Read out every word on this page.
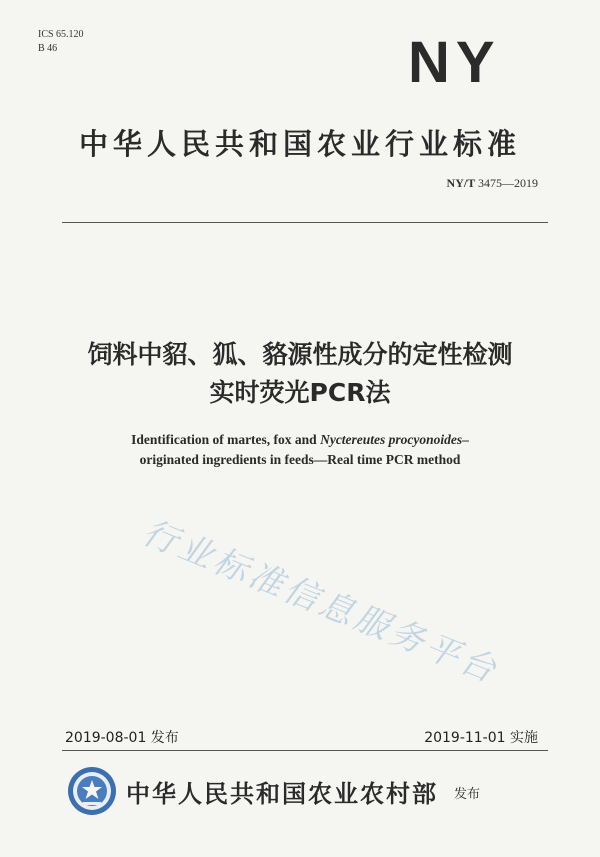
ICS 65.120
B 46	NY
中华人民共和国农业行业标准
NY/T 3475—2019
饲料中貂、狐、貉源性成分的定性检测
实时荧光PCR法
Identification of martes, fox and Nyctereutes procyonoides–
originated ingredients in feeds—Real time PCR method
行业标准信息服务平台
2019-08-01 发布	2019-11-01 实施
中华人民共和国农业农村部 发布
